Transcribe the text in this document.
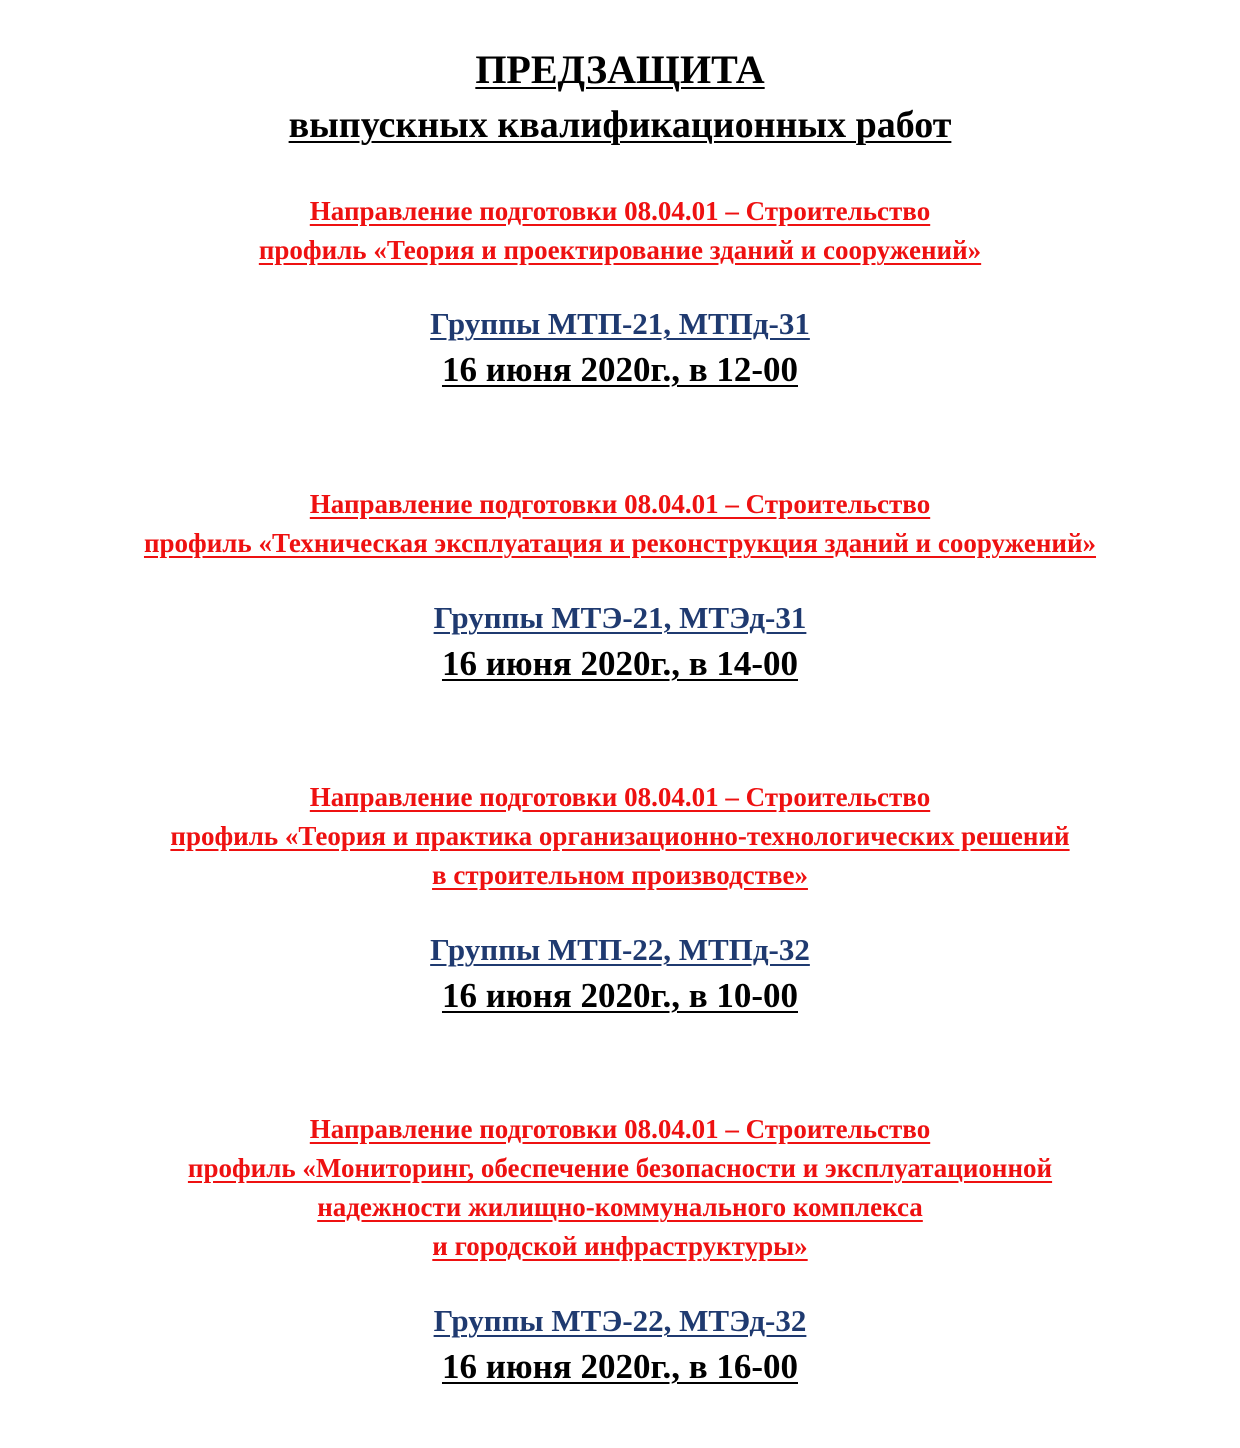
ПРЕДЗАЩИТА
выпускных квалификационных работ
Направление подготовки 08.04.01 – Строительство
профиль «Теория и проектирование зданий и сооружений»
Группы МТП-21, МТПд-31
16 июня 2020г., в 12-00
Направление подготовки 08.04.01 – Строительство
профиль «Техническая эксплуатация и реконструкция зданий и сооружений»
Группы МТЭ-21, МТЭд-31
16 июня 2020г., в 14-00
Направление подготовки 08.04.01 – Строительство
профиль «Теория и практика организационно-технологических решений
в строительном производстве»
Группы МТП-22, МТПд-32
16 июня 2020г., в 10-00
Направление подготовки 08.04.01 – Строительство
профиль «Мониторинг, обеспечение безопасности и эксплуатационной
надежности жилищно-коммунального комплекса
и городской инфраструктуры»
Группы МТЭ-22, МТЭд-32
16 июня 2020г., в 16-00
